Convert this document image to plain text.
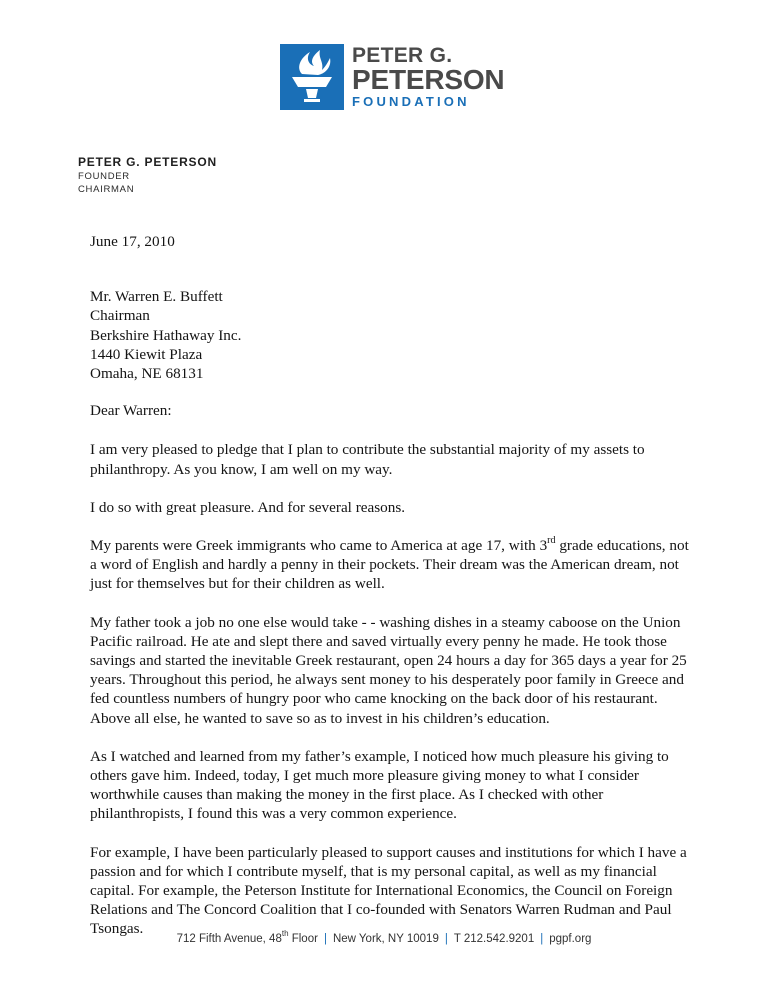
PETER G.
PETERSON
FOUNDATION
PETER G. PETERSON
FOUNDER
CHAIRMAN

June 17, 2010

Mr. Warren E. Buffett
Chairman
Berkshire Hathaway Inc.
1440 Kiewit Plaza
Omaha, NE 68131

Dear Warren:

I am very pleased to pledge that I plan to contribute the substantial majority of my assets to philanthropy. As you know, I am well on my way.

I do so with great pleasure. And for several reasons.

My parents were Greek immigrants who came to America at age 17, with 3rd grade educations, not a word of English and hardly a penny in their pockets. Their dream was the American dream, not just for themselves but for their children as well.

My father took a job no one else would take - - washing dishes in a steamy caboose on the Union Pacific railroad. He ate and slept there and saved virtually every penny he made. He took those savings and started the inevitable Greek restaurant, open 24 hours a day for 365 days a year for 25 years. Throughout this period, he always sent money to his desperately poor family in Greece and fed countless numbers of hungry poor who came knocking on the back door of his restaurant. Above all else, he wanted to save so as to invest in his children’s education.

As I watched and learned from my father’s example, I noticed how much pleasure his giving to others gave him. Indeed, today, I get much more pleasure giving money to what I consider worthwhile causes than making the money in the first place. As I checked with other philanthropists, I found this was a very common experience.

For example, I have been particularly pleased to support causes and institutions for which I have a passion and for which I contribute myself, that is my personal capital, as well as my financial capital. For example, the Peterson Institute for International Economics, the Council on Foreign Relations and The Concord Coalition that I co-founded with Senators Warren Rudman and Paul Tsongas.

712 Fifth Avenue, 48th Floor | New York, NY 10019 | T 212.542.9201 | pgpf.org
